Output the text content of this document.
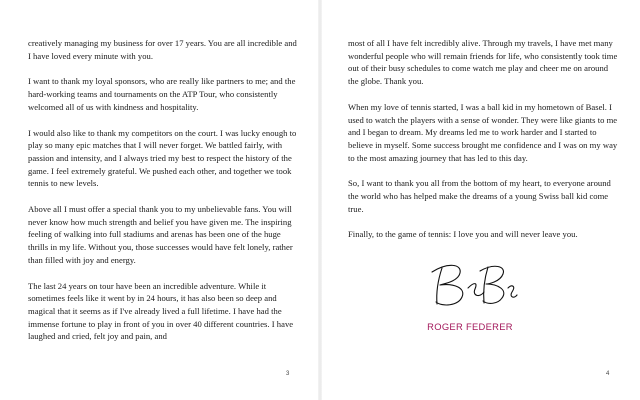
creatively managing my business for over 17 years. You are all incredible and I have loved every minute with you.

I want to thank my loyal sponsors, who are really like partners to me; and the hard-working teams and tournaments on the ATP Tour, who consistently welcomed all of us with kindness and hospitality.

I would also like to thank my competitors on the court. I was lucky enough to play so many epic matches that I will never forget. We battled fairly, with passion and intensity, and I always tried my best to respect the history of the game. I feel extremely grateful. We pushed each other, and together we took tennis to new levels.

Above all I must offer a special thank you to my unbelievable fans. You will never know how much strength and belief you have given me. The inspiring feeling of walking into full stadiums and arenas has been one of the huge thrills in my life. Without you, those successes would have felt lonely, rather than filled with joy and energy.

The last 24 years on tour have been an incredible adventure. While it sometimes feels like it went by in 24 hours, it has also been so deep and magical that it seems as if I've already lived a full lifetime. I have had the immense fortune to play in front of you in over 40 different countries. I have laughed and cried, felt joy and pain, and

3

most of all I have felt incredibly alive. Through my travels, I have met many wonderful people who will remain friends for life, who consistently took time out of their busy schedules to come watch me play and cheer me on around the globe. Thank you.

When my love of tennis started, I was a ball kid in my hometown of Basel. I used to watch the players with a sense of wonder. They were like giants to me and I began to dream. My dreams led me to work harder and I started to believe in myself. Some success brought me confidence and I was on my way to the most amazing journey that has led to this day.

So, I want to thank you all from the bottom of my heart, to everyone around the world who has helped make the dreams of a young Swiss ball kid come true.

Finally, to the game of tennis: I love you and will never leave you.

ROGER FEDERER
4
